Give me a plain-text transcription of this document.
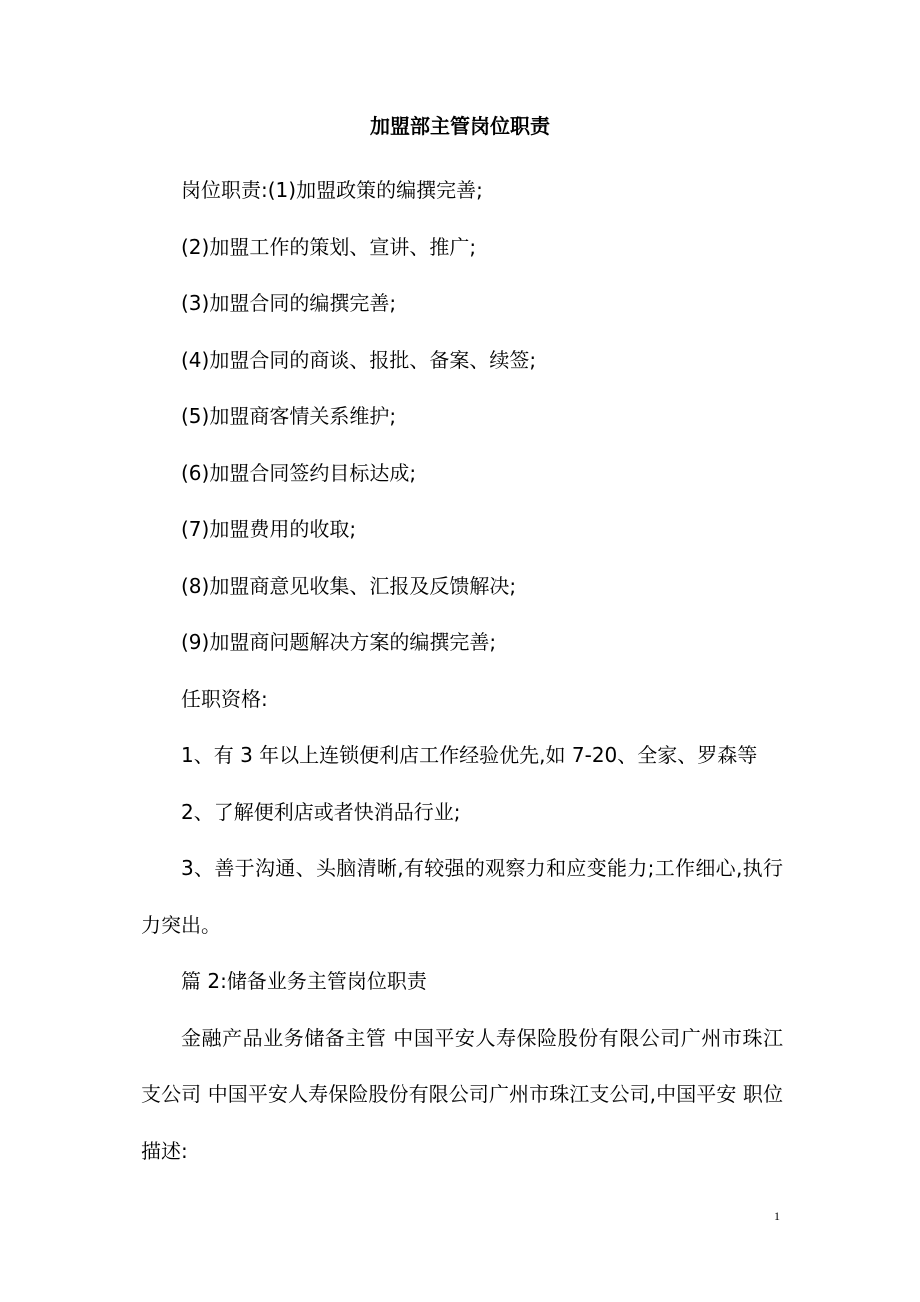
加盟部主管岗位职责

岗位职责:(1)加盟政策的编撰完善;

(2)加盟工作的策划、宣讲、推广;

(3)加盟合同的编撰完善;

(4)加盟合同的商谈、报批、备案、续签;

(5)加盟商客情关系维护;

(6)加盟合同签约目标达成;

(7)加盟费用的收取;

(8)加盟商意见收集、汇报及反馈解决;

(9)加盟商问题解决方案的编撰完善;

任职资格:

1、有 3 年以上连锁便利店工作经验优先,如 7-20、全家、罗森等

2、了解便利店或者快消品行业;

3、善于沟通、头脑清晰,有较强的观察力和应变能力;工作细心,执行力突出。

篇 2:储备业务主管岗位职责

金融产品业务储备主管 中国平安人寿保险股份有限公司广州市珠江支公司 中国平安人寿保险股份有限公司广州市珠江支公司,中国平安 职位描述:

1
